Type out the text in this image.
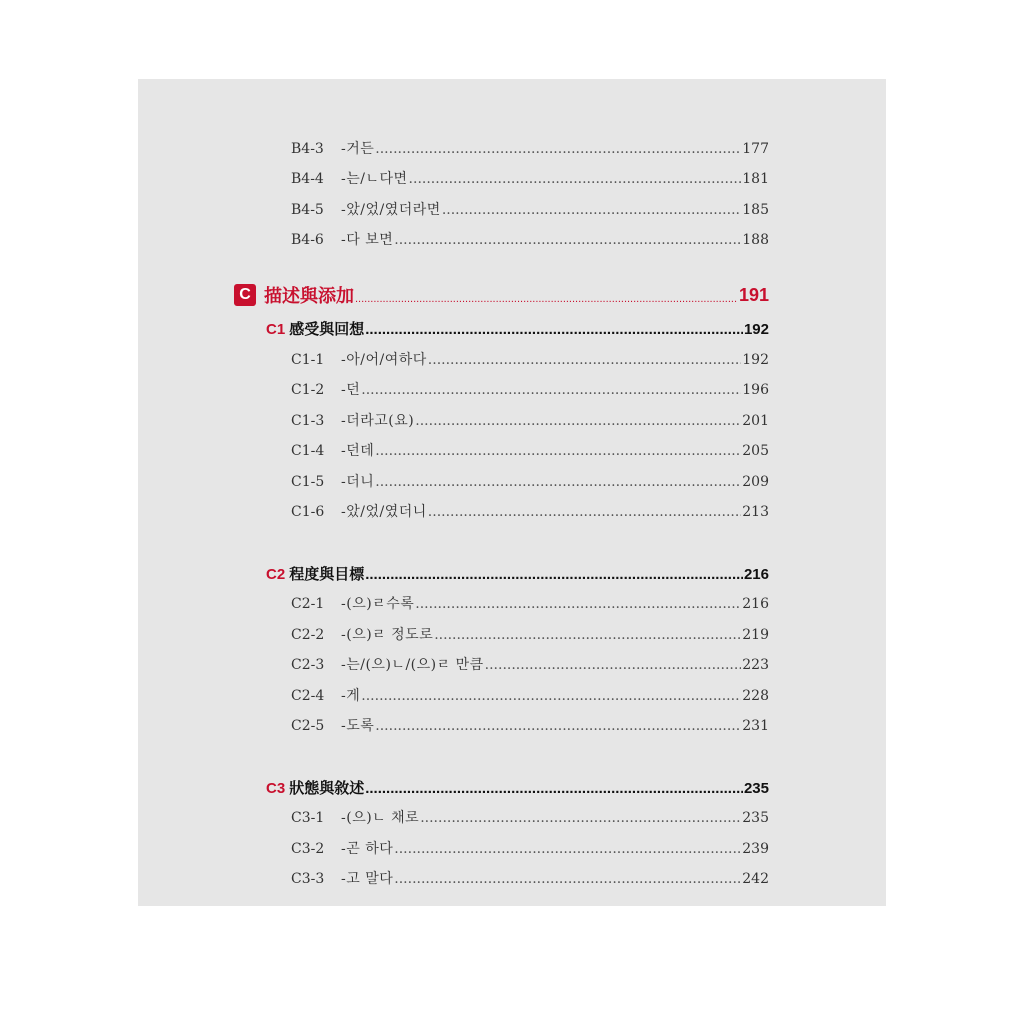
B4-3	-거든 .....	177
B4-4	-는/ㄴ다면 .....	181
B4-5	-았/었/였더라면 .....	185
B4-6	-다 보면 .....	188
C 描述與添加 .....	191
C1 感受與回想 .....	192
C1-1	-아/어/여하다 .....	192
C1-2	-던 .....	196
C1-3	-더라고(요) .....	201
C1-4	-던데 .....	205
C1-5	-더니 .....	209
C1-6	-았/었/였더니 .....	213
C2 程度與目標 .....	216
C2-1	-(으)ㄹ수록 .....	216
C2-2	-(으)ㄹ 정도로 .....	219
C2-3	-는/(으)ㄴ/(으)ㄹ 만큼 .....	223
C2-4	-게 .....	228
C2-5	-도록 .....	231
C3 狀態與敘述 .....	235
C3-1	-(으)ㄴ 채로 .....	235
C3-2	-곤 하다 .....	239
C3-3	-고 말다 .....	242
